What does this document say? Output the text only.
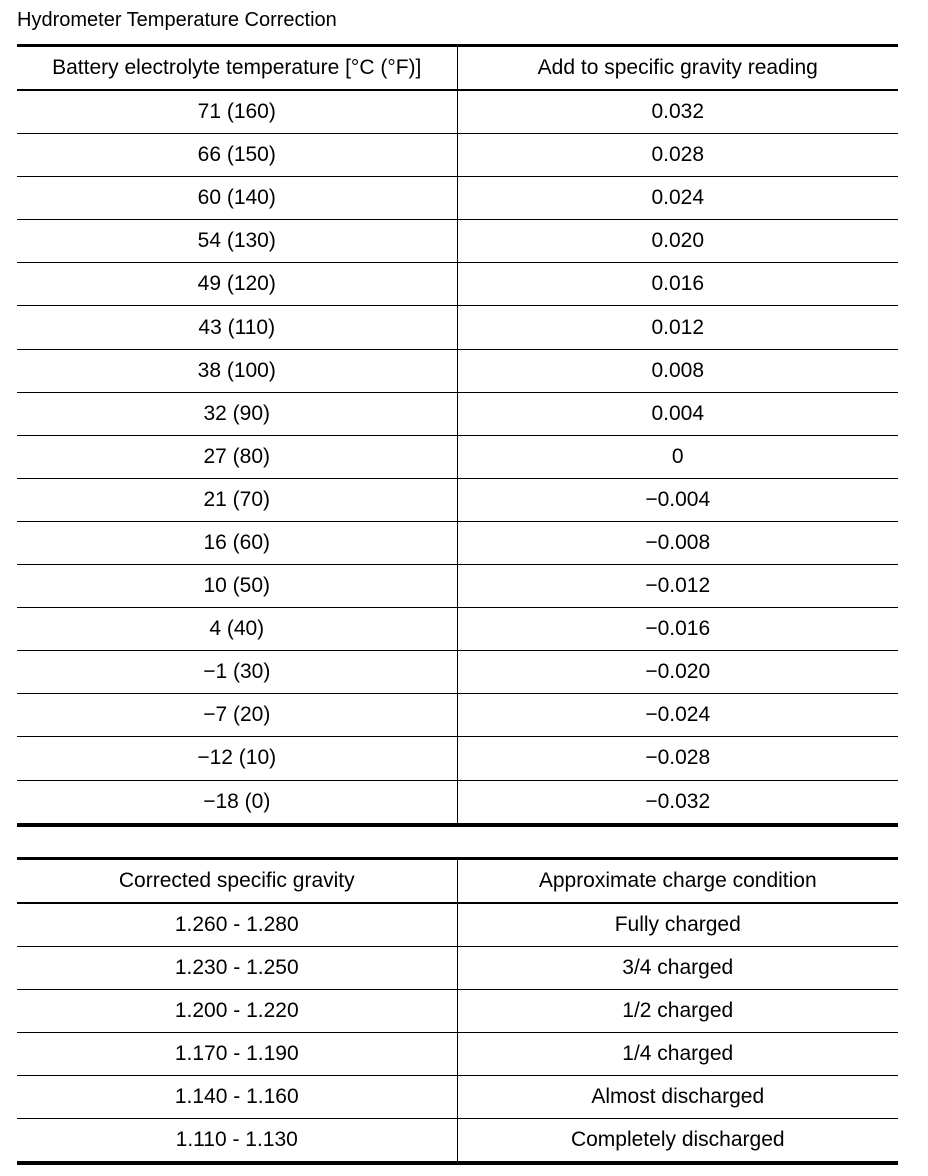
Hydrometer Temperature Correction
Battery electrolyte temperature [°C (°F)]	Add to specific gravity reading
71 (160)	0.032
66 (150)	0.028
60 (140)	0.024
54 (130)	0.020
49 (120)	0.016
43 (110)	0.012
38 (100)	0.008
32 (90)	0.004
27 (80)	0
21 (70)	−0.004
16 (60)	−0.008
10 (50)	−0.012
4 (40)	−0.016
−1 (30)	−0.020
−7 (20)	−0.024
−12 (10)	−0.028
−18 (0)	−0.032
Corrected specific gravity	Approximate charge condition
1.260 - 1.280	Fully charged
1.230 - 1.250	3/4 charged
1.200 - 1.220	1/2 charged
1.170 - 1.190	1/4 charged
1.140 - 1.160	Almost discharged
1.110 - 1.130	Completely discharged
